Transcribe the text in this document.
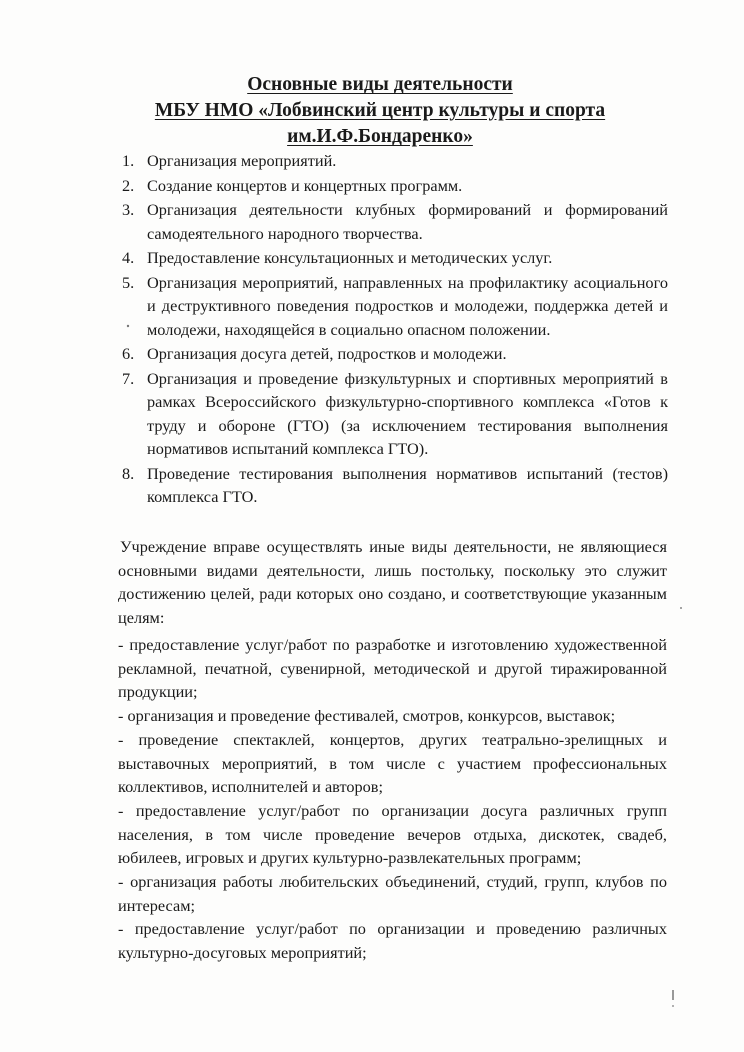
Основные виды деятельности
МБУ НМО «Лобвинский центр культуры и спорта
им.И.Ф.Бондаренко»
1. Организация мероприятий.
2. Создание концертов и концертных программ.
3. Организация деятельности клубных формирований и формирований самодеятельного народного творчества.
4. Предоставление консультационных и методических услуг.
5. Организация мероприятий, направленных на профилактику асоциального и деструктивного поведения подростков и молодежи, поддержка детей и молодежи, находящейся в социально опасном положении.
6. Организация досуга детей, подростков и молодежи.
7. Организация и проведение физкультурных и спортивных мероприятий в рамках Всероссийского физкультурно-спортивного комплекса «Готов к труду и обороне (ГТО) (за исключением тестирования выполнения нормативов испытаний комплекса ГТО).
8. Проведение тестирования выполнения нормативов испытаний (тестов) комплекса ГТО.

Учреждение вправе осуществлять иные виды деятельности, не являющиеся основными видами деятельности, лишь постольку, поскольку это служит достижению целей, ради которых оно создано, и соответствующие указанным целям:

- предоставление услуг/работ по разработке и изготовлению художественной рекламной, печатной, сувенирной, методической и другой тиражированной продукции;
- организация и проведение фестивалей, смотров, конкурсов, выставок;
- проведение спектаклей, концертов, других театрально-зрелищных и выставочных мероприятий, в том числе с участием профессиональных коллективов, исполнителей и авторов;
- предоставление услуг/работ по организации досуга различных групп населения, в том числе проведение вечеров отдыха, дискотек, свадеб, юбилеев, игровых и других культурно-развлекательных программ;
- организация работы любительских объединений, студий, групп, клубов по интересам;
- предоставление услуг/работ по организации и проведению различных культурно-досуговых мероприятий;
